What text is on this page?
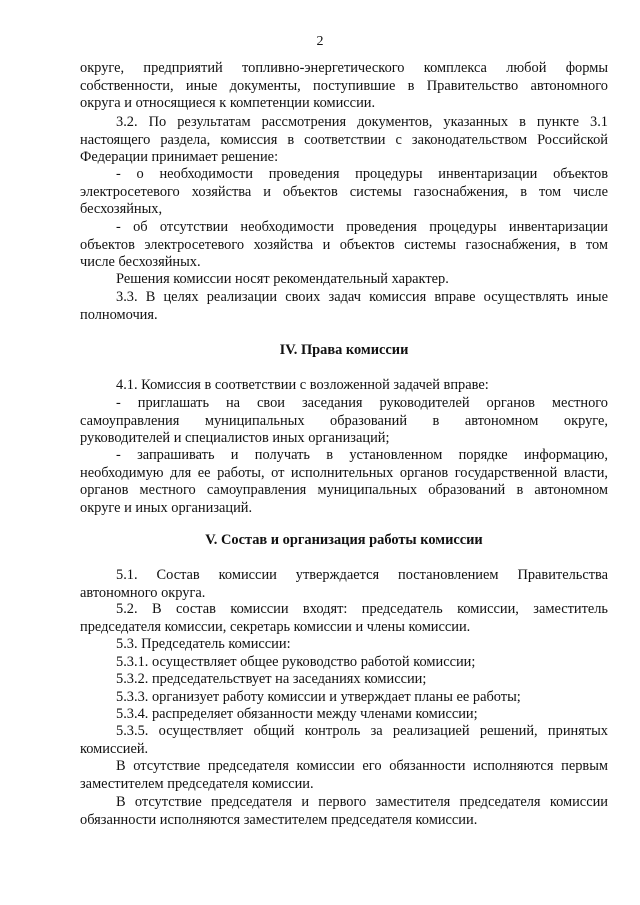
2

округе, предприятий топливно-энергетического комплекса любой формы

собственности, иные документы, поступившие в Правительство автономного

округа и относящиеся к компетенции комиссии.

3.2. По результатам рассмотрения документов, указанных в пункте 3.1

настоящего раздела, комиссия в соответствии с законодательством Российской

Федерации принимает решение:

- о необходимости проведения процедуры инвентаризации объектов

электросетевого хозяйства и объектов системы газоснабжения, в том числе

бесхозяйных,

- об отсутствии необходимости проведения процедуры инвентаризации

объектов электросетевого хозяйства и объектов системы газоснабжения, в том

числе бесхозяйных.

Решения комиссии носят рекомендательный характер.

3.3. В целях реализации своих задач комиссия вправе осуществлять иные

полномочия.

IV. Права комиссии

4.1. Комиссия в соответствии с возложенной задачей вправе:

- приглашать на свои заседания руководителей органов местного

самоуправления муниципальных образований в автономном округе,

руководителей и специалистов иных организаций;

- запрашивать и получать в установленном порядке информацию,

необходимую для ее работы, от исполнительных органов государственной власти,

органов местного самоуправления муниципальных образований в автономном

округе и иных организаций.

V. Состав и организация работы комиссии

5.1. Состав комиссии утверждается постановлением Правительства

автономного округа.

5.2. В состав комиссии входят: председатель комиссии, заместитель

председателя комиссии, секретарь комиссии и члены комиссии.

5.3. Председатель комиссии:

5.3.1. осуществляет общее руководство работой комиссии;

5.3.2. председательствует на заседаниях комиссии;

5.3.3. организует работу комиссии и утверждает планы ее работы;

5.3.4. распределяет обязанности между членами комиссии;

5.3.5. осуществляет общий контроль за реализацией решений, принятых

комиссией.

В отсутствие председателя комиссии его обязанности исполняются первым

заместителем председателя комиссии.

В отсутствие председателя и первого заместителя председателя комиссии

обязанности исполняются заместителем председателя комиссии.
